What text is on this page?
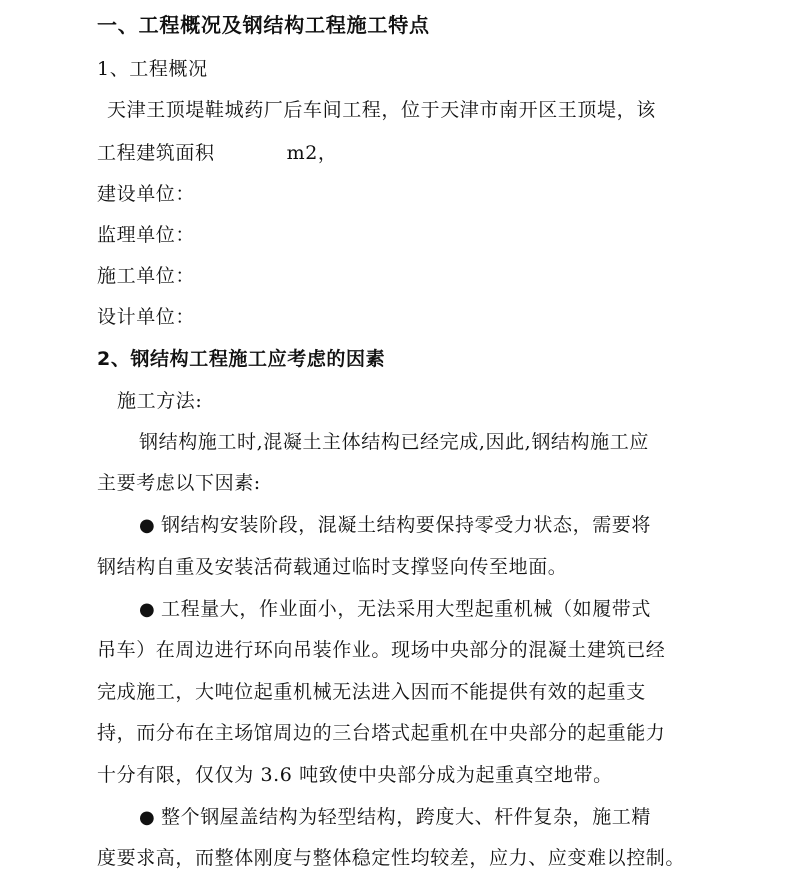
一、工程概况及钢结构工程施工特点
1、工程概况
天津王顶堤鞋城药厂后车间工程，位于天津市南开区王顶堤，该
工程建筑面积	m2，
建设单位：
监理单位：
施工单位：
设计单位：
2、钢结构工程施工应考虑的因素
施工方法:
钢结构施工时,混凝土主体结构已经完成,因此,钢结构施工应
主要考虑以下因素:
● 钢结构安装阶段，混凝土结构要保持零受力状态，需要将
钢结构自重及安装活荷载通过临时支撑竖向传至地面。
● 工程量大，作业面小，无法采用大型起重机械（如履带式
吊车）在周边进行环向吊装作业。现场中央部分的混凝土建筑已经
完成施工，大吨位起重机械无法进入因而不能提供有效的起重支
持，而分布在主场馆周边的三台塔式起重机在中央部分的起重能力
十分有限，仅仅为 3.6 吨致使中央部分成为起重真空地带。
● 整个钢屋盖结构为轻型结构，跨度大、杆件复杂，施工精
度要求高，而整体刚度与整体稳定性均较差，应力、应变难以控制。
